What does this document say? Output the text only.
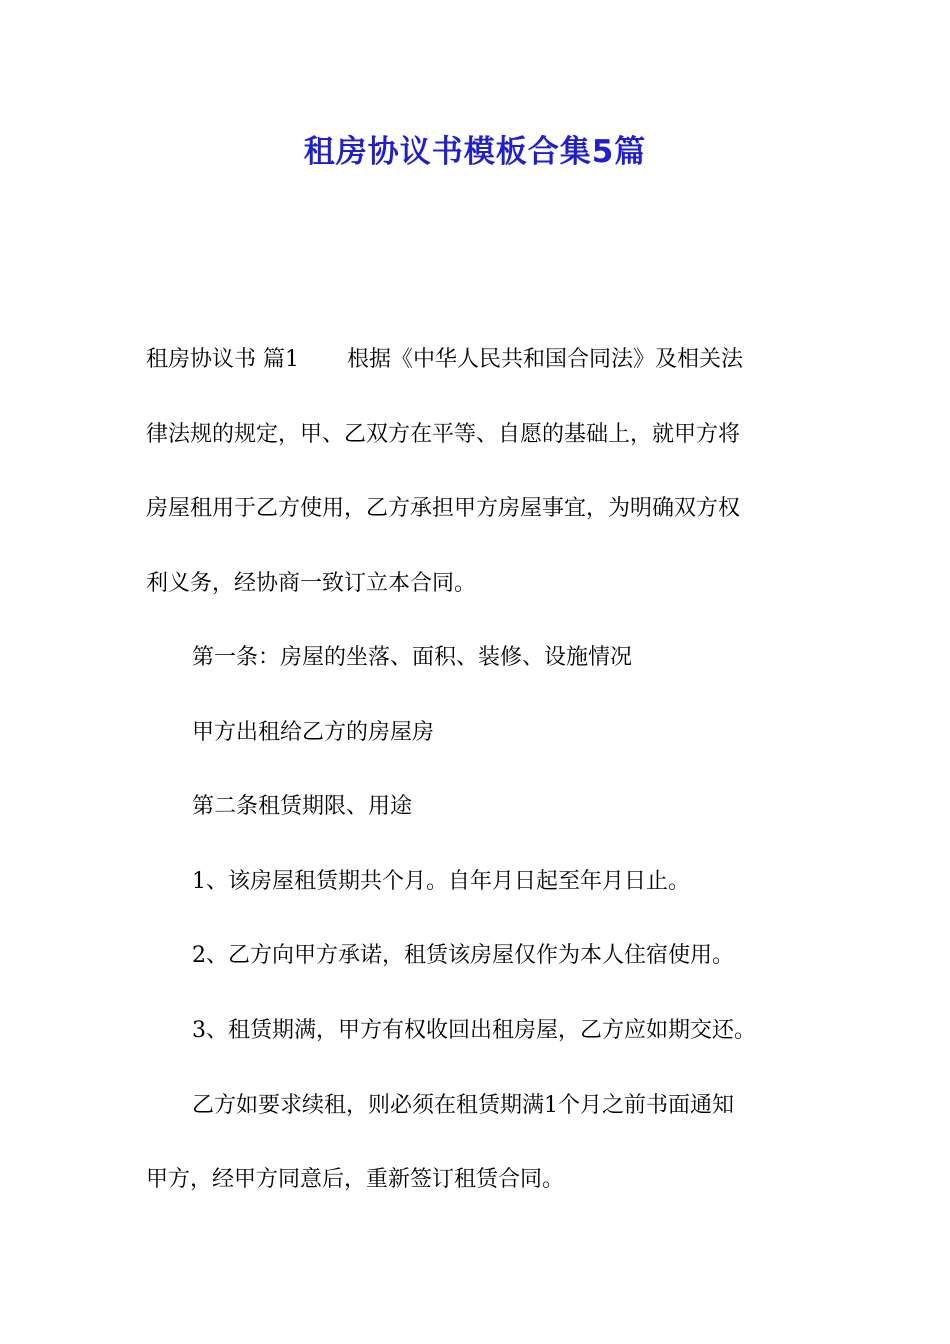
租房协议书模板合集5篇

租房协议书 篇1 根据《中华人民共和国合同法》及相关法

律法规的规定，甲、乙双方在平等、自愿的基础上，就甲方将

房屋租用于乙方使用，乙方承担甲方房屋事宜，为明确双方权

利义务，经协商一致订立本合同。

第一条：房屋的坐落、面积、装修、设施情况

甲方出租给乙方的房屋房

第二条租赁期限、用途

1、该房屋租赁期共个月。自年月日起至年月日止。

2、乙方向甲方承诺，租赁该房屋仅作为本人住宿使用。

3、租赁期满，甲方有权收回出租房屋，乙方应如期交还。

乙方如要求续租，则必须在租赁期满1个月之前书面通知

甲方，经甲方同意后，重新签订租赁合同。
